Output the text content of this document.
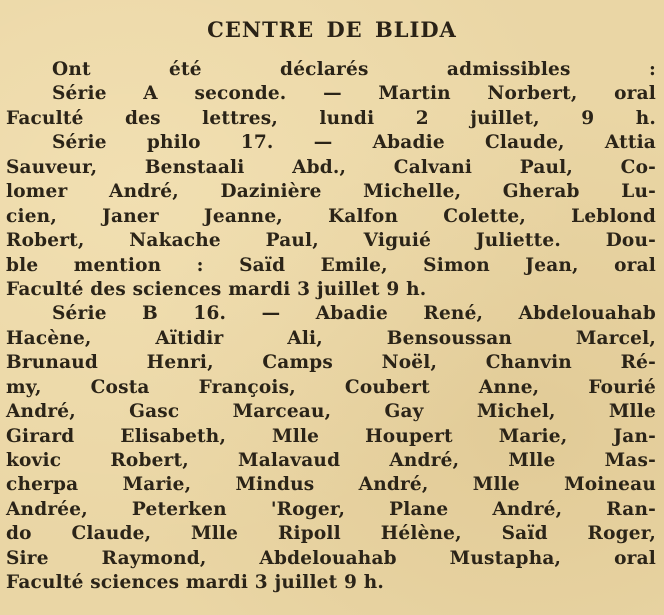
CENTRE DE BLIDA
Ont été déclarés admissibles :
Série A seconde. — Martin Norbert, oral
Faculté des lettres, lundi 2 juillet, 9 h.
Série philo 17. — Abadie Claude, Attia
Sauveur, Benstaali Abd., Calvani Paul, Co-
lomer André, Dazinière Michelle, Gherab Lu-
cien, Janer Jeanne, Kalfon Colette, Leblond
Robert, Nakache Paul, Viguié Juliette. Dou-
ble mention : Saïd Emile, Simon Jean, oral
Faculté des sciences mardi 3 juillet 9 h.
Série B 16. — Abadie René, Abdelouahab
Hacène, Aïtidir Ali, Bensoussan Marcel,
Brunaud Henri, Camps Noël, Chanvin Ré-
my, Costa François, Coubert Anne, Fourié
André, Gasc Marceau, Gay Michel, Mlle
Girard Elisabeth, Mlle Houpert Marie, Jan-
kovic Robert, Malavaud André, Mlle Mas-
cherpa Marie, Mindus André, Mlle Moineau
Andrée, Peterken 'Roger, Plane André, Ran-
do Claude, Mlle Ripoll Hélène, Saïd Roger,
Sire Raymond, Abdelouahab Mustapha, oral
Faculté sciences mardi 3 juillet 9 h.
